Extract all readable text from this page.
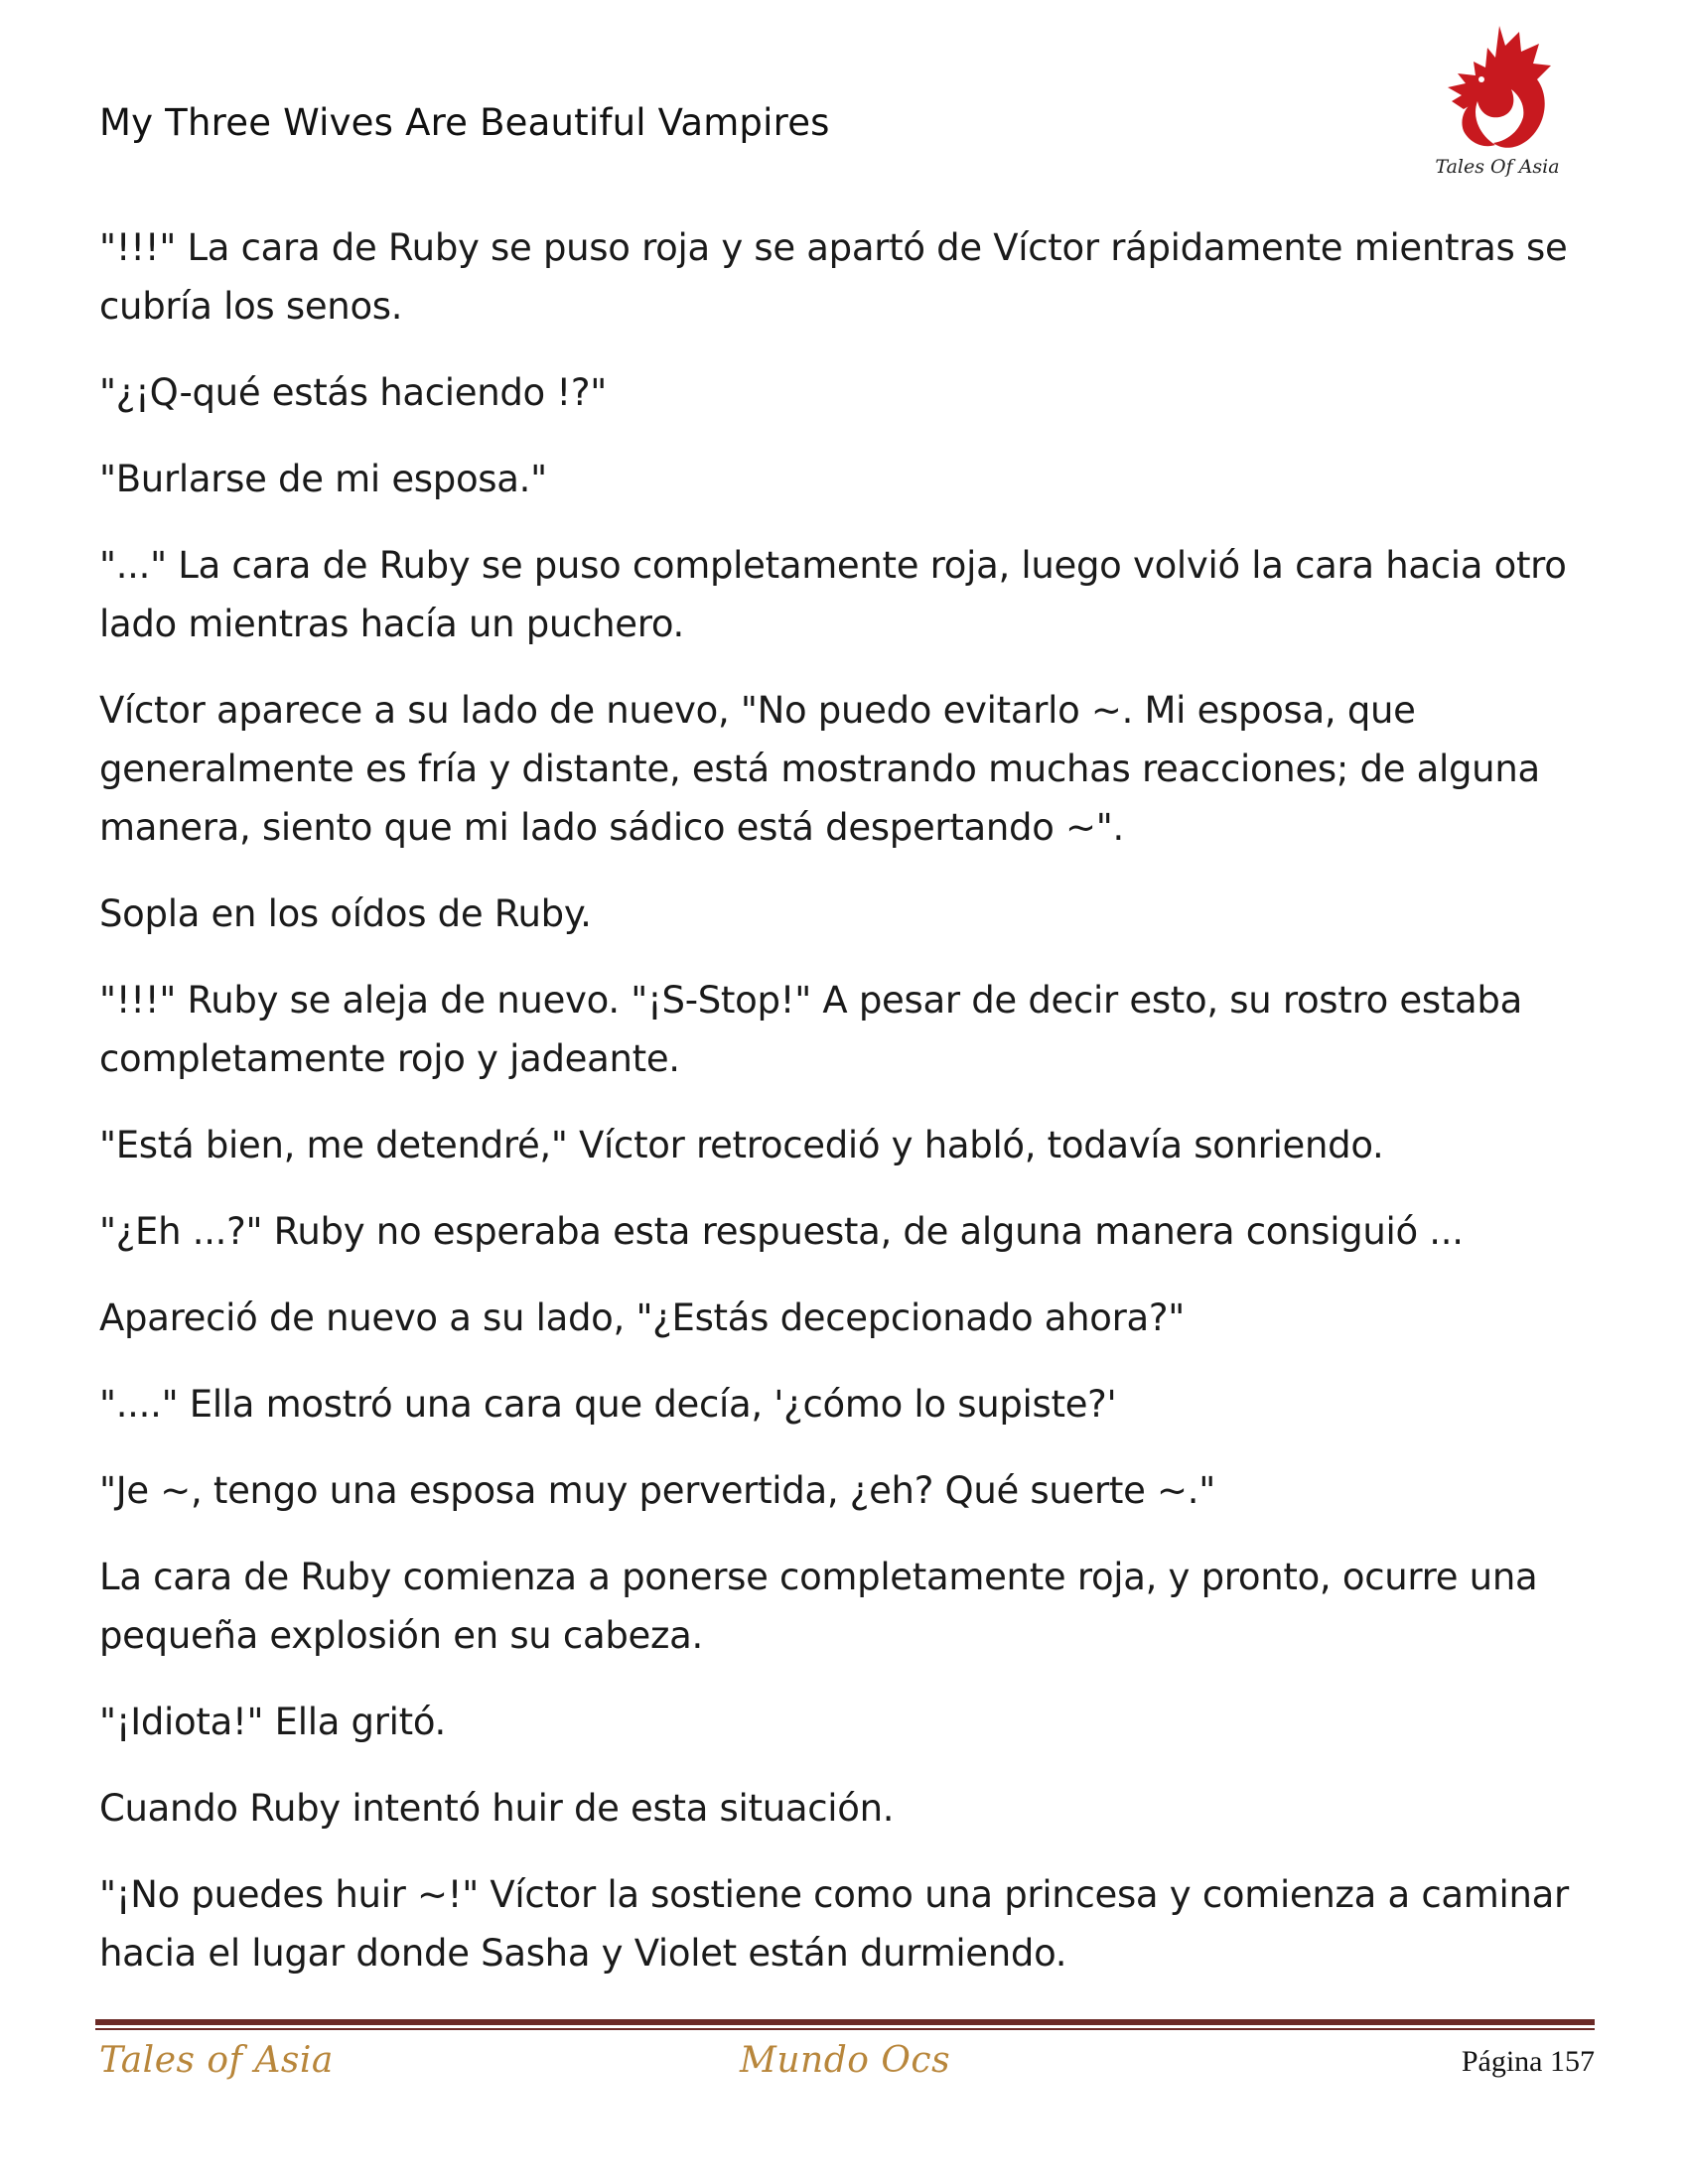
My Three Wives Are Beautiful Vampires
Tales Of Asia

"!!!" La cara de Ruby se puso roja y se apartó de Víctor rápidamente mientras se cubría los senos.

"¿¡Q-qué estás haciendo !?"

"Burlarse de mi esposa."

"..." La cara de Ruby se puso completamente roja, luego volvió la cara hacia otro lado mientras hacía un puchero.

Víctor aparece a su lado de nuevo, "No puedo evitarlo ~. Mi esposa, que generalmente es fría y distante, está mostrando muchas reacciones; de alguna manera, siento que mi lado sádico está despertando ~".

Sopla en los oídos de Ruby.

"!!!" Ruby se aleja de nuevo. "¡S-Stop!" A pesar de decir esto, su rostro estaba completamente rojo y jadeante.

"Está bien, me detendré," Víctor retrocedió y habló, todavía sonriendo.

"¿Eh ...?" Ruby no esperaba esta respuesta, de alguna manera consiguió ...

Apareció de nuevo a su lado, "¿Estás decepcionado ahora?"

"...." Ella mostró una cara que decía, '¿cómo lo supiste?'

"Je ~, tengo una esposa muy pervertida, ¿eh? Qué suerte ~."

La cara de Ruby comienza a ponerse completamente roja, y pronto, ocurre una pequeña explosión en su cabeza.

"¡Idiota!" Ella gritó.

Cuando Ruby intentó huir de esta situación.

"¡No puedes huir ~!" Víctor la sostiene como una princesa y comienza a caminar hacia el lugar donde Sasha y Violet están durmiendo.

Tales of Asia	Mundo Ocs	Página 157
